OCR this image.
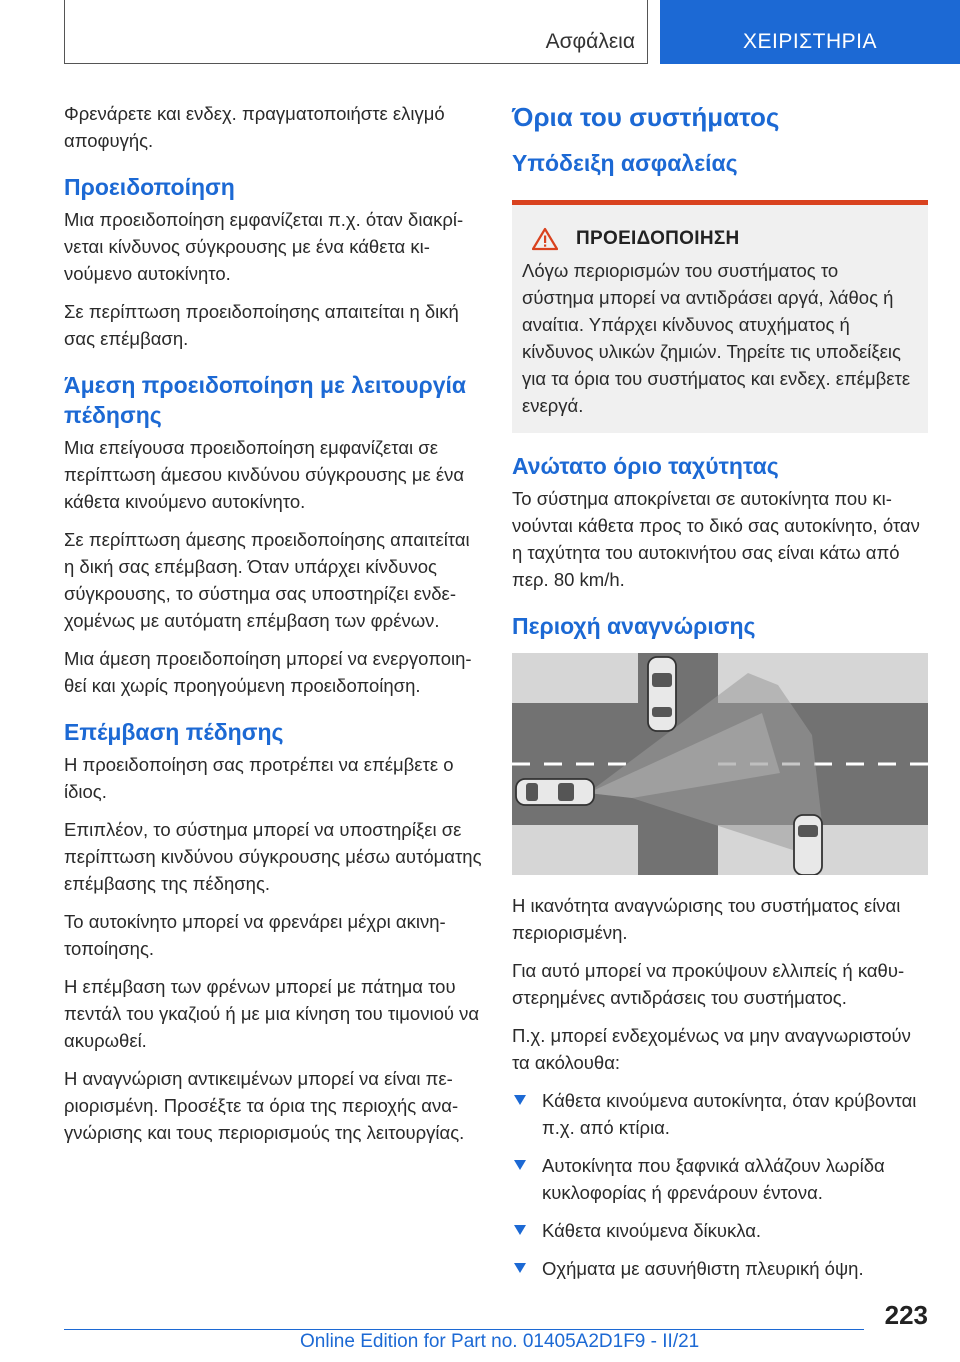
Ασφάλεια	ΧΕΙΡΙΣΤΗΡΙΑ

Φρενάρετε και ενδεχ. πραγματοποιήστε ελιγμό αποφυγής.

Προειδοποίηση

Μια προειδοποίηση εμφανίζεται π.χ. όταν διακρίνεται κίνδυνος σύγκρουσης με ένα κάθετα κινούμενο αυτοκίνητο.

Σε περίπτωση προειδοποίησης απαιτείται η δική σας επέμβαση.

Άμεση προειδοποίηση με λειτουργία πέδησης

Μια επείγουσα προειδοποίηση εμφανίζεται σε περίπτωση άμεσου κινδύνου σύγκρουσης με ένα κάθετα κινούμενο αυτοκίνητο.

Σε περίπτωση άμεσης προειδοποίησης απαιτείται η δική σας επέμβαση. Όταν υπάρχει κίνδυνος σύγκρουσης, το σύστημα σας υποστηρίζει ενδεχομένως με αυτόματη επέμβαση των φρένων.

Μια άμεση προειδοποίηση μπορεί να ενεργοποιηθεί και χωρίς προηγούμενη προειδοποίηση.

Επέμβαση πέδησης

Η προειδοποίηση σας προτρέπει να επέμβετε ο ίδιος.

Επιπλέον, το σύστημα μπορεί να υποστηρίξει σε περίπτωση κινδύνου σύγκρουσης μέσω αυτόματης επέμβασης της πέδησης.

Το αυτοκίνητο μπορεί να φρενάρει μέχρι ακινητοποίησης.

Η επέμβαση των φρένων μπορεί με πάτημα του πεντάλ του γκαζιού ή με μια κίνηση του τιμονιού να ακυρωθεί.

Η αναγνώριση αντικειμένων μπορεί να είναι περιορισμένη. Προσέξτε τα όρια της περιοχής αναγνώρισης και τους περιορισμούς της λειτουργίας.

Όρια του συστήματος
Υπόδειξη ασφαλείας
ΠΡΟΕΙΔΟΠΟΙΗΣΗ

Λόγω περιορισμών του συστήματος το σύστημα μπορεί να αντιδράσει αργά, λάθος ή αναίτια. Υπάρχει κίνδυνος ατυχήματος ή κίνδυνος υλικών ζημιών. Τηρείτε τις υποδείξεις για τα όρια του συστήματος και ενδεχ. επέμβετε ενεργά.

Ανώτατο όριο ταχύτητας

Το σύστημα αποκρίνεται σε αυτοκίνητα που κινούνται κάθετα προς το δικό σας αυτοκίνητο, όταν η ταχύτητα του αυτοκινήτου σας είναι κάτω από περ. 80 km/h.

Περιοχή αναγνώρισης

Η ικανότητα αναγνώρισης του συστήματος είναι περιορισμένη.

Για αυτό μπορεί να προκύψουν ελλιπείς ή καθυστερημένες αντιδράσεις του συστήματος.

Π.χ. μπορεί ενδεχομένως να μην αναγνωριστούν τα ακόλουθα:

Κάθετα κινούμενα αυτοκίνητα, όταν κρύβονται π.χ. από κτίρια.
Αυτοκίνητα που ξαφνικά αλλάζουν λωρίδα κυκλοφορίας ή φρενάρουν έντονα.
Κάθετα κινούμενα δίκυκλα.
Οχήματα με ασυνήθιστη πλευρική όψη.
223
Online Edition for Part no. 01405A2D1F9 - II/21
